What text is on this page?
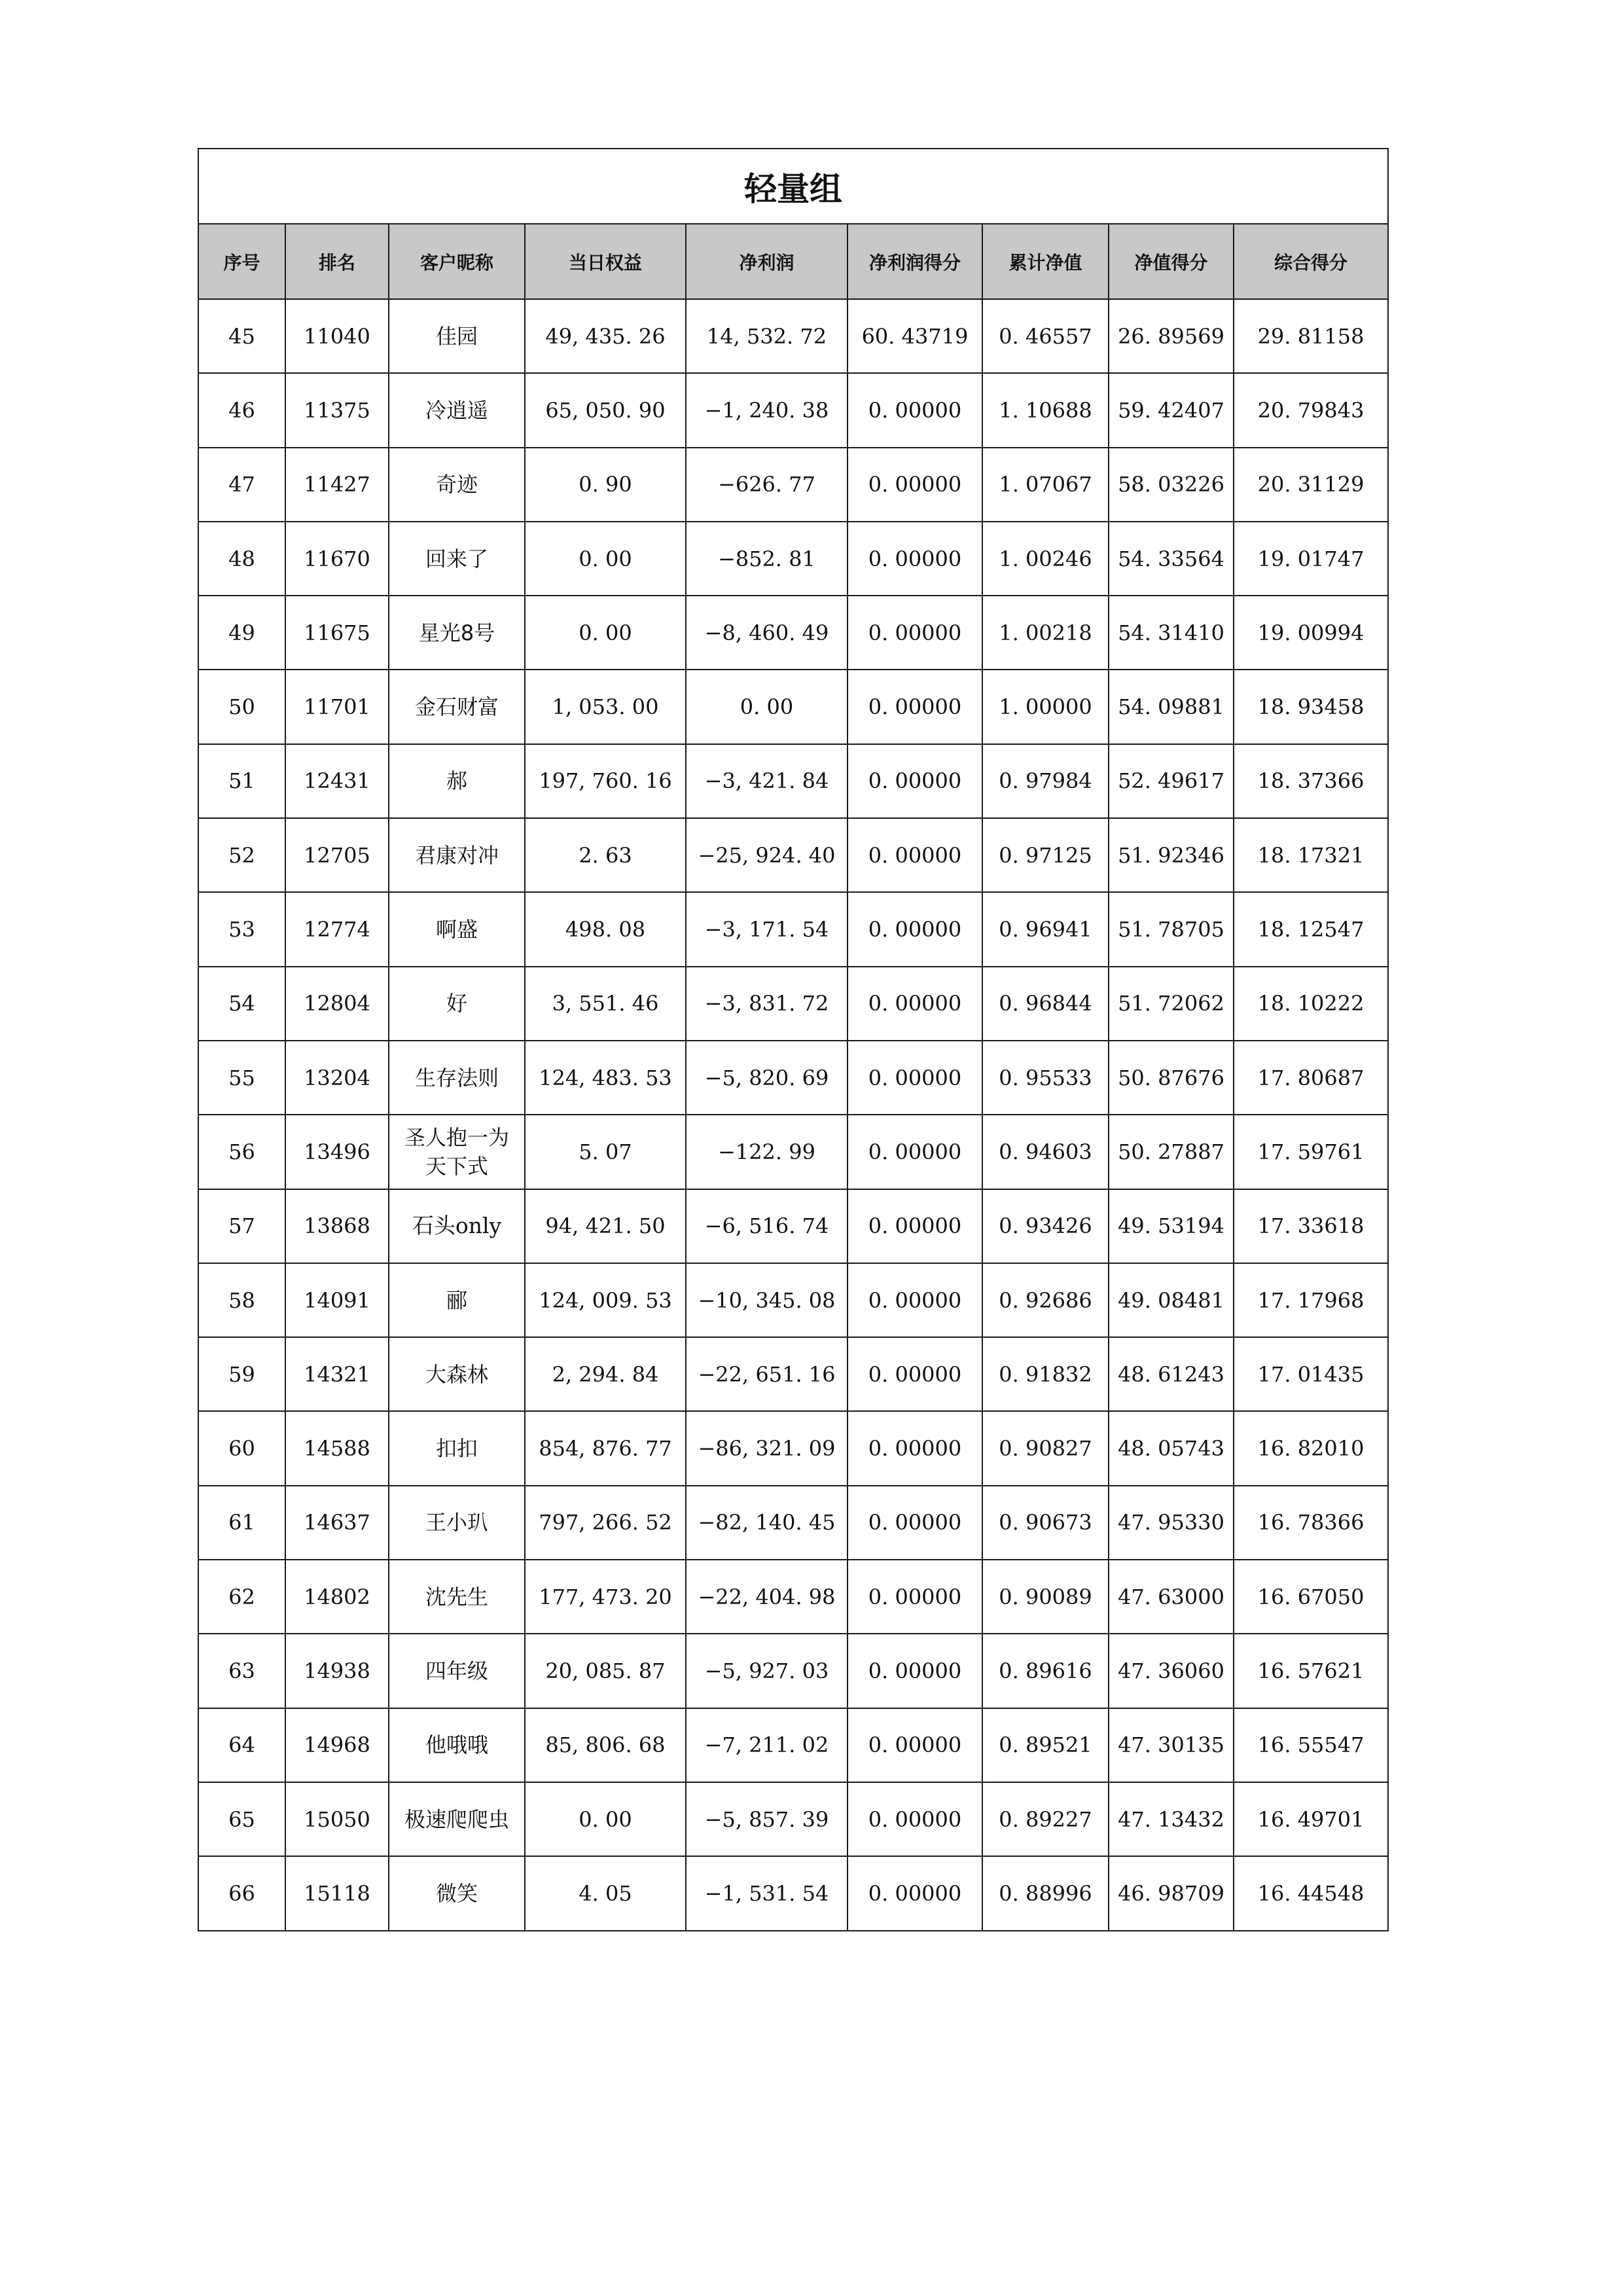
轻量组								
序号	排名	客户昵称	当日权益	净利润	净利润得分	累计净值	净值得分	综合得分
45	11040	佳园	49, 435. 26	14, 532. 72	60. 43719	0. 46557	26. 89569	29. 81158
46	11375	冷逍遥	65, 050. 90	−1, 240. 38	0. 00000	1. 10688	59. 42407	20. 79843
47	11427	奇迹	0. 90	−626. 77	0. 00000	1. 07067	58. 03226	20. 31129
48	11670	回来了	0. 00	−852. 81	0. 00000	1. 00246	54. 33564	19. 01747
49	11675	星光8号	0. 00	−8, 460. 49	0. 00000	1. 00218	54. 31410	19. 00994
50	11701	金石财富	1, 053. 00	0. 00	0. 00000	1. 00000	54. 09881	18. 93458
51	12431	郝	197, 760. 16	−3, 421. 84	0. 00000	0. 97984	52. 49617	18. 37366
52	12705	君康对冲	2. 63	−25, 924. 40	0. 00000	0. 97125	51. 92346	18. 17321
53	12774	啊盛	498. 08	−3, 171. 54	0. 00000	0. 96941	51. 78705	18. 12547
54	12804	好	3, 551. 46	−3, 831. 72	0. 00000	0. 96844	51. 72062	18. 10222
55	13204	生存法则	124, 483. 53	−5, 820. 69	0. 00000	0. 95533	50. 87676	17. 80687
56	13496	圣人抱一为天下式	5. 07	−122. 99	0. 00000	0. 94603	50. 27887	17. 59761
57	13868	石头only	94, 421. 50	−6, 516. 74	0. 00000	0. 93426	49. 53194	17. 33618
58	14091	郦	124, 009. 53	−10, 345. 08	0. 00000	0. 92686	49. 08481	17. 17968
59	14321	大森林	2, 294. 84	−22, 651. 16	0. 00000	0. 91832	48. 61243	17. 01435
60	14588	扣扣	854, 876. 77	−86, 321. 09	0. 00000	0. 90827	48. 05743	16. 82010
61	14637	王小玐	797, 266. 52	−82, 140. 45	0. 00000	0. 90673	47. 95330	16. 78366
62	14802	沈先生	177, 473. 20	−22, 404. 98	0. 00000	0. 90089	47. 63000	16. 67050
63	14938	四年级	20, 085. 87	−5, 927. 03	0. 00000	0. 89616	47. 36060	16. 57621
64	14968	他哦哦	85, 806. 68	−7, 211. 02	0. 00000	0. 89521	47. 30135	16. 55547
65	15050	极速爬爬虫	0. 00	−5, 857. 39	0. 00000	0. 89227	47. 13432	16. 49701
66	15118	微笑	4. 05	−1, 531. 54	0. 00000	0. 88996	46. 98709	16. 44548
